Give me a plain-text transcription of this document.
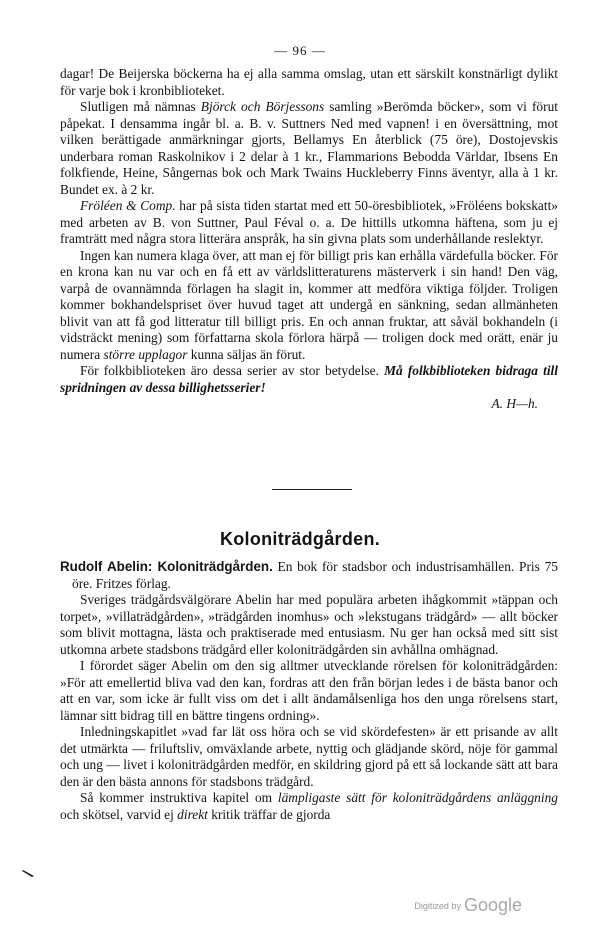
— 96 —

dagar! De Beijerska böckerna ha ej alla samma omslag, utan ett särskilt konstnärligt dylikt för varje bok i kronbiblioteket.

Slutligen må nämnas Björck och Börjessons samling »Berömda böcker», som vi förut påpekat. I densamma ingår bl. a. B. v. Suttners Ned med vapnen! i en översättning, mot vilken berättigade anmärkningar gjorts, Bellamys En återblick (75 öre), Dostojevskis underbara roman Raskolnikov i 2 delar à 1 kr., Flammarions Bebodda Världar, Ibsens En folkfiende, Heine, Sångernas bok och Mark Twains Huckleberry Finns äventyr, alla à 1 kr. Bundet ex. à 2 kr.

Fröléen & Comp. har på sista tiden startat med ett 50-öresbibliotek, »Fröléens bokskatt» med arbeten av B. von Suttner, Paul Féval o. a. De hittills utkomna häftena, som ju ej framträtt med några stora litterära anspråk, ha sin givna plats som underhållande reslektyr.

Ingen kan numera klaga över, att man ej för billigt pris kan erhålla värdefulla böcker. För en krona kan nu var och en få ett av världslitteraturens mästerverk i sin hand! Den väg, varpå de ovannämnda förlagen ha slagit in, kommer att medföra viktiga följder. Troligen kommer bokhandelspriset över huvud taget att undergå en sänkning, sedan allmänheten blivit van att få god litteratur till billigt pris. En och annan fruktar, att såväl bokhandeln (i vidsträckt mening) som författarna skola förlora härpå — troligen dock med orätt, enär ju numera större upplagor kunna säljas än förut.

För folkbiblioteken äro dessa serier av stor betydelse. Må folkbiblioteken bidraga till spridningen av dessa billighetsserier!

A. H—h.

Koloniträdgården.

Rudolf Abelin: Koloniträdgården. En bok för stadsbor och industrisamhällen. Pris 75 öre. Fritzes förlag.

Sveriges trädgårdsvälgörare Abelin har med populära arbeten ihågkommit »täppan och torpet», »villaträdgården», »trädgården inomhus» och »lekstugans trädgård» — allt böcker som blivit mottagna, lästa och praktiserade med entusiasm. Nu ger han också med sitt sist utkomna arbete stadsbons trädgård eller koloniträdgården sin avhållna omhägnad.

I förordet säger Abelin om den sig alltmer utvecklande rörelsen för koloniträdgården: »För att emellertid bliva vad den kan, fordras att den från början ledes i de bästa banor och att en var, som icke är fullt viss om det i allt ändamålsenliga hos den unga rörelsens start, lämnar sitt bidrag till en bättre tingens ordning».

Inledningskapitlet »vad far lät oss höra och se vid skördefesten» är ett prisande av allt det utmärkta — friluftsliv, omväxlande arbete, nyttig och glädjande skörd, nöje för gammal och ung — livet i koloniträdgården medför, en skildring gjord på ett så lockande sätt att bara den är den bästa annons för stadsbons trädgård.

Så kommer instruktiva kapitel om lämpligaste sätt för koloniträdgårdens anläggning och skötsel, varvid ej direkt kritik träffar de gjorda

Digitized by Google
